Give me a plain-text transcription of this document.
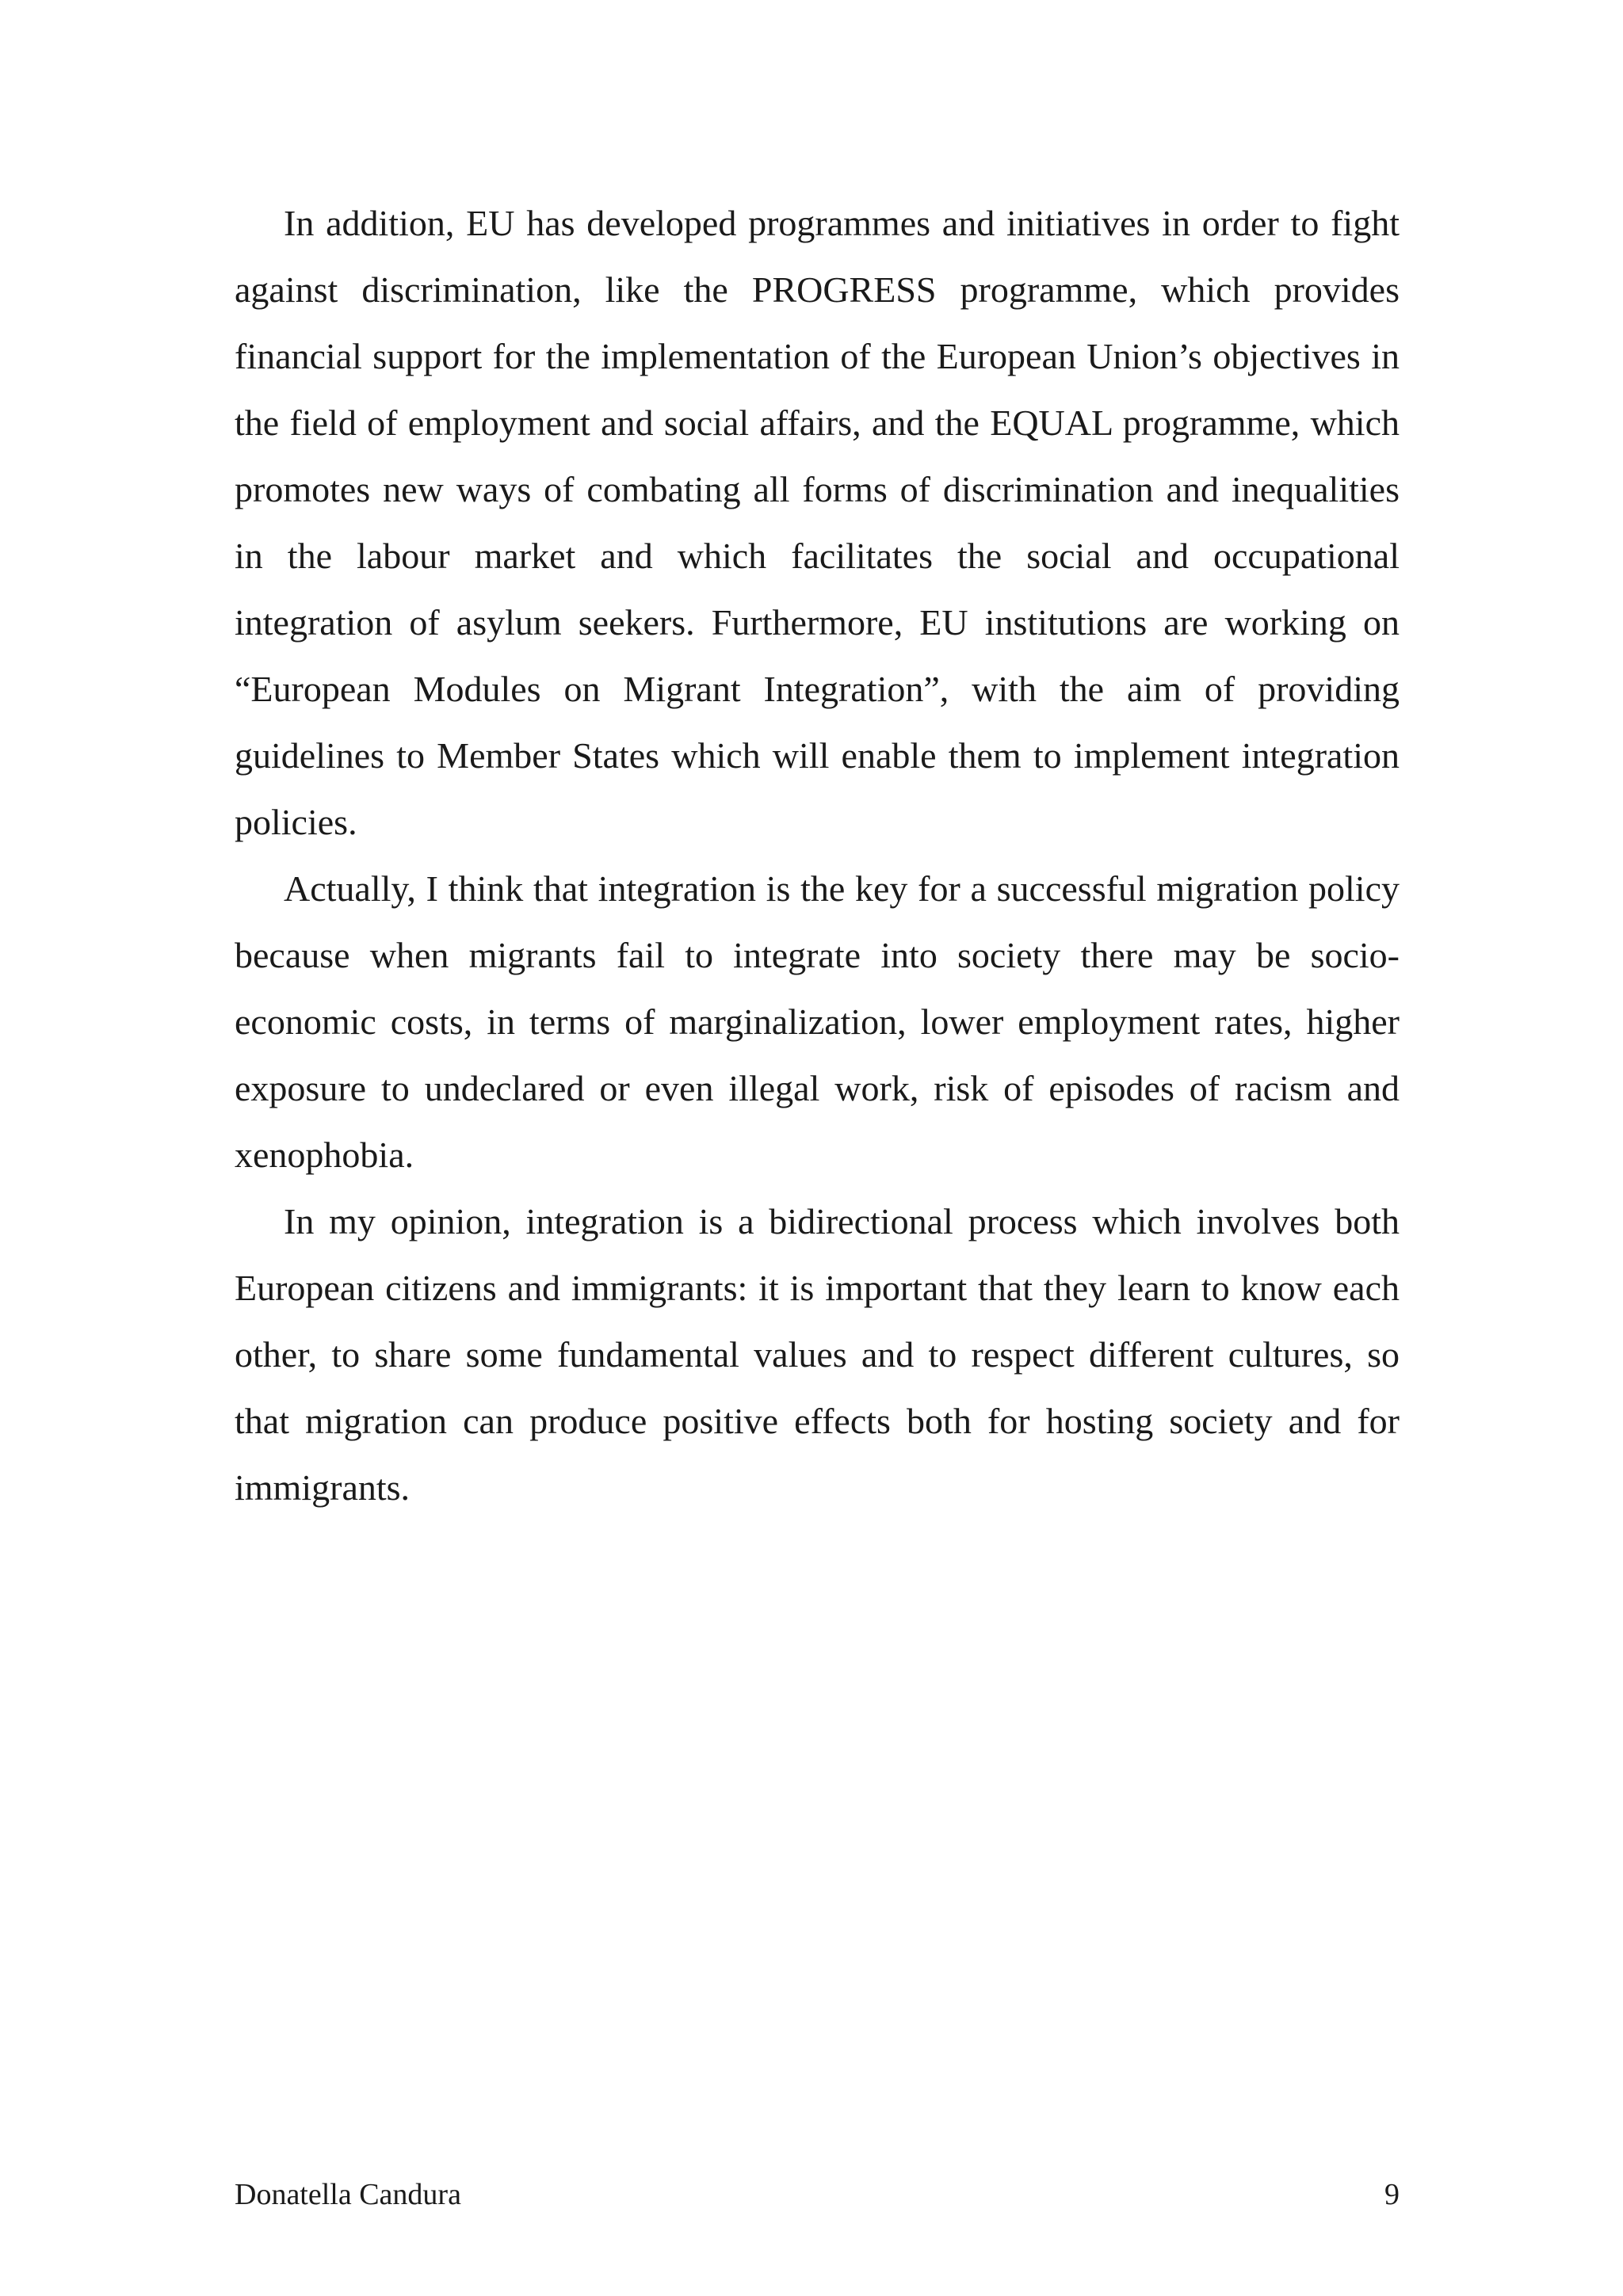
In addition, EU has developed programmes and initiatives in order to fight against discrimination, like the PROGRESS programme, which provides financial support for the implementation of the European Union’s objectives in the field of employment and social affairs, and the EQUAL programme, which promotes new ways of combating all forms of discrimination and inequalities in the labour market and which facilitates the social and occupational integration of asylum seekers. Furthermore, EU institutions are working on “European Modules on Migrant Integration”, with the aim of providing guidelines to Member States which will enable them to implement integration policies.

Actually, I think that integration is the key for a successful migration policy because when migrants fail to integrate into society there may be socio-economic costs, in terms of marginalization, lower employment rates, higher exposure to undeclared or even illegal work, risk of episodes of racism and xenophobia.

In my opinion, integration is a bidirectional process which involves both European citizens and immigrants: it is important that they learn to know each other, to share some fundamental values and to respect different cultures, so that migration can produce positive effects both for hosting society and for immigrants.

Donatella Candura	9
